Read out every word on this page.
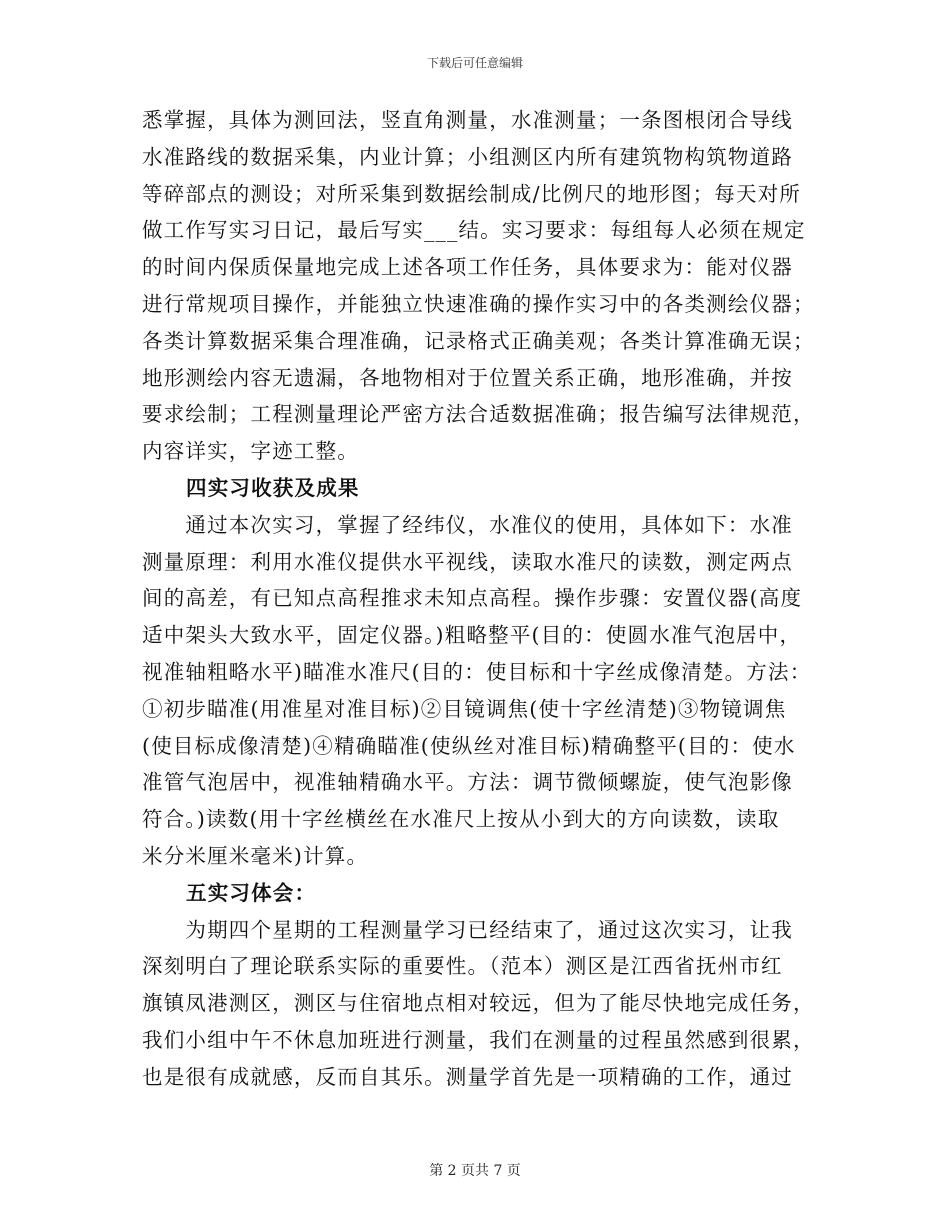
下载后可任意编辑
悉掌握，具体为测回法，竖直角测量，水准测量；一条图根闭合导线
水准路线的数据采集，内业计算；小组测区内所有建筑物构筑物道路
等碎部点的测设；对所采集到数据绘制成/比例尺的地形图；每天对所
做工作写实习日记，最后写实___结。实习要求：每组每人必须在规定
的时间内保质保量地完成上述各项工作任务，具体要求为：能对仪器
进行常规项目操作，并能独立快速准确的操作实习中的各类测绘仪器；
各类计算数据采集合理准确，记录格式正确美观；各类计算准确无误；
地形测绘内容无遗漏，各地物相对于位置关系正确，地形准确，并按
要求绘制；工程测量理论严密方法合适数据准确；报告编写法律规范，
内容详实，字迹工整。
四实习收获及成果
　　通过本次实习，掌握了经纬仪，水准仪的使用，具体如下：水准
测量原理：利用水准仪提供水平视线，读取水准尺的读数，测定两点
间的高差，有已知点高程推求未知点高程。操作步骤：安置仪器(高度
适中架头大致水平，固定仪器。)粗略整平(目的：使圆水准气泡居中，
视准轴粗略水平)瞄准水准尺(目的：使目标和十字丝成像清楚。方法：
①初步瞄准(用准星对准目标)②目镜调焦(使十字丝清楚)③物镜调焦
(使目标成像清楚)④精确瞄准(使纵丝对准目标)精确整平(目的：使水
准管气泡居中，视准轴精确水平。方法：调节微倾螺旋，使气泡影像
符合。)读数(用十字丝横丝在水准尺上按从小到大的方向读数，读取
米分米厘米毫米)计算。
五实习体会：
　　为期四个星期的工程测量学习已经结束了，通过这次实习，让我
深刻明白了理论联系实际的重要性。（范本）测区是江西省抚州市红
旗镇凤港测区，测区与住宿地点相对较远，但为了能尽快地完成任务，
我们小组中午不休息加班进行测量，我们在测量的过程虽然感到很累，
也是很有成就感，反而自其乐。测量学首先是一项精确的工作，通过
第 2 页共 7 页
